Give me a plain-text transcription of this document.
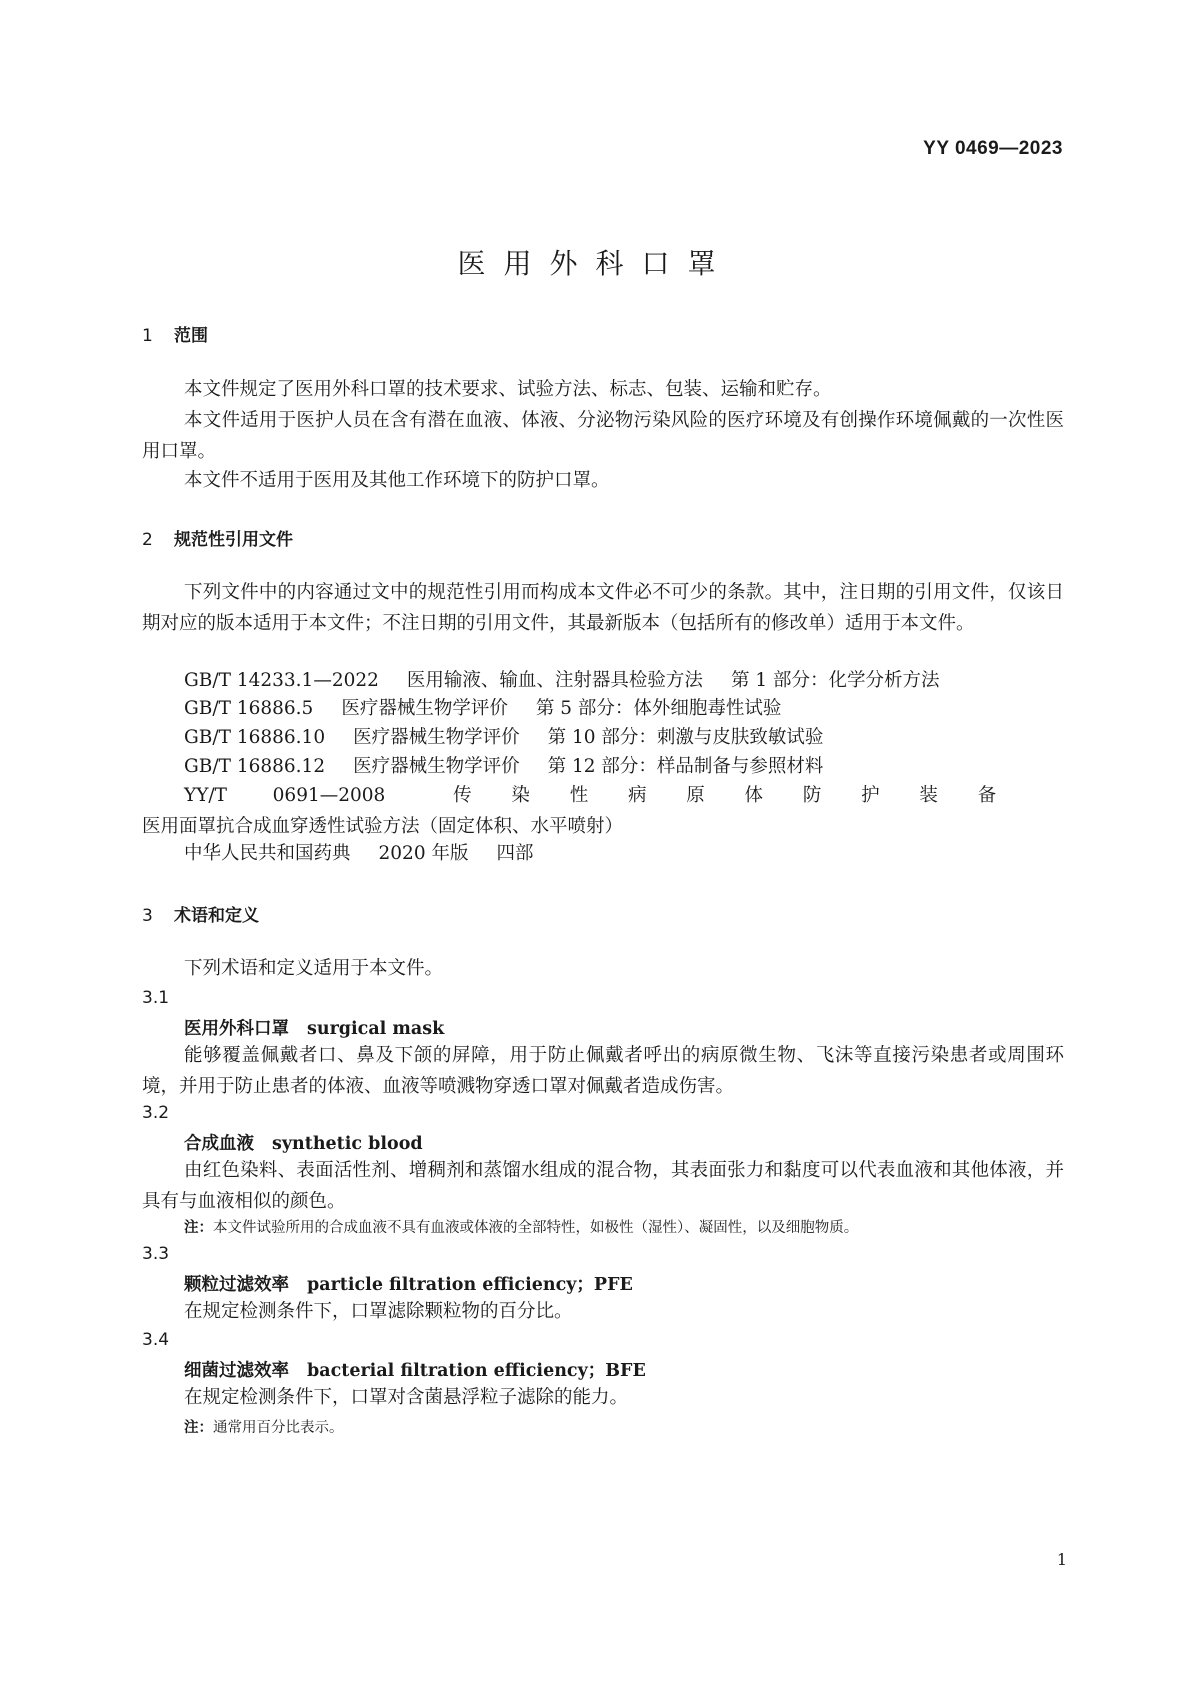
YY 0469—2023
医用外科口罩
1 范围
本文件规定了医用外科口罩的技术要求、试验方法、标志、包装、运输和贮存。
本文件适用于医护人员在含有潜在血液、体液、分泌物污染风险的医疗环境及有创操作环境佩戴的一次性医用口罩。
本文件不适用于医用及其他工作环境下的防护口罩。
2 规范性引用文件
下列文件中的内容通过文中的规范性引用而构成本文件必不可少的条款。其中，注日期的引用文件，仅该日期对应的版本适用于本文件；不注日期的引用文件，其最新版本（包括所有的修改单）适用于本文件。
GB/T 14233.1—2022 医用输液、输血、注射器具检验方法 第 1 部分：化学分析方法
GB/T 16886.5 医疗器械生物学评价 第 5 部分：体外细胞毒性试验
GB/T 16886.10 医疗器械生物学评价 第 10 部分：刺激与皮肤致敏试验
GB/T 16886.12 医疗器械生物学评价 第 12 部分：样品制备与参照材料
YY/T 0691—2008 传染性病原体防护装备医用面罩抗合成血穿透性试验方法（固定体积、水平喷射）
中华人民共和国药典 2020 年版 四部
3 术语和定义
下列术语和定义适用于本文件。
3.1
医用外科口罩 surgical mask
能够覆盖佩戴者口、鼻及下颌的屏障，用于防止佩戴者呼出的病原微生物、飞沫等直接污染患者或周围环境，并用于防止患者的体液、血液等喷溅物穿透口罩对佩戴者造成伤害。
3.2
合成血液 synthetic blood
由红色染料、表面活性剂、增稠剂和蒸馏水组成的混合物，其表面张力和黏度可以代表血液和其他体液，并具有与血液相似的颜色。
注：本文件试验所用的合成血液不具有血液或体液的全部特性，如极性（湿性）、凝固性，以及细胞物质。
3.3
颗粒过滤效率 particle filtration efficiency；PFE
在规定检测条件下，口罩滤除颗粒物的百分比。
3.4
细菌过滤效率 bacterial filtration efficiency；BFE
在规定检测条件下，口罩对含菌悬浮粒子滤除的能力。
注：通常用百分比表示。
1
